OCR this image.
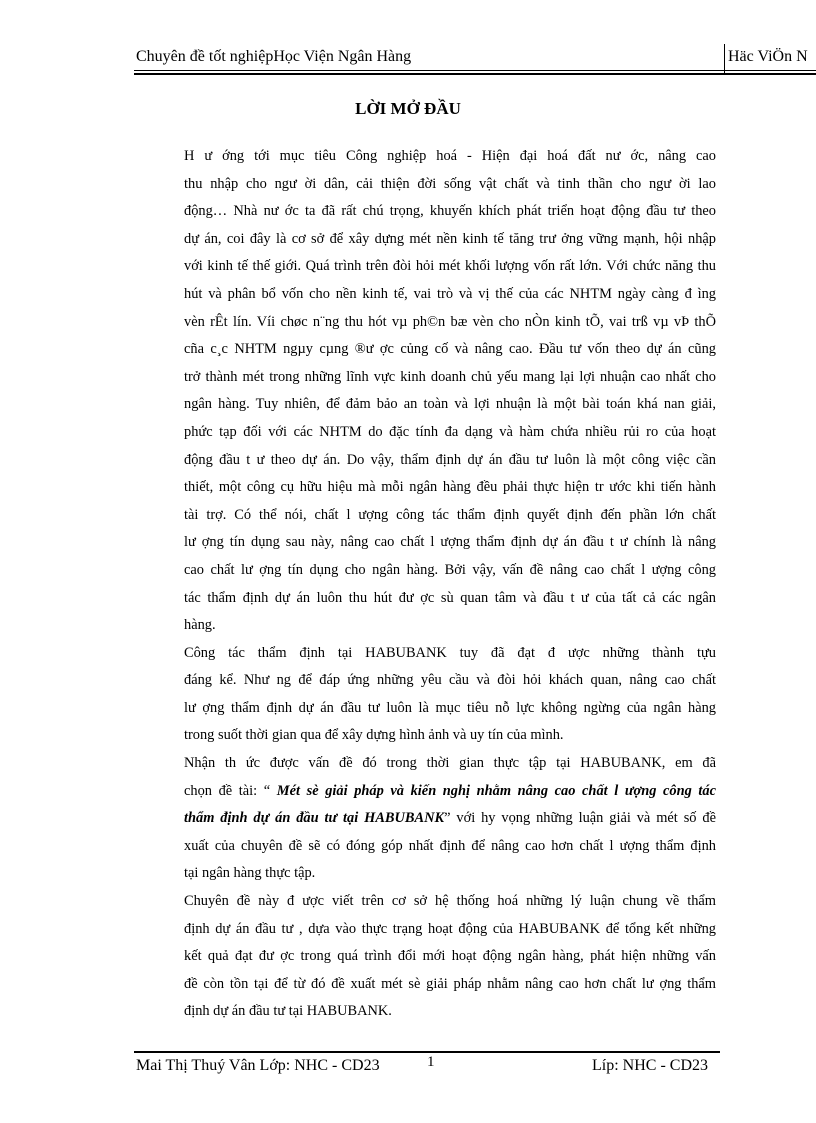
Chuyên đề tốt nghiệpHọc Viện Ngân Hàng	Häc ViÖn N
LỜI MỞ ĐẦU

H ư ớng tới mục tiêu Công nghiệp hoá - Hiện đại hoá đất nư ớc, nâng cao
thu nhập cho ngư ời dân, cải thiện đời sống vật chất và tinh thần cho ngư ời lao
động… Nhà nư ớc ta đã rất chú trọng, khuyến khích phát triển hoạt động đầu tư theo
dự án, coi đây là cơ sở để xây dựng mét nền kinh tế tăng trư ởng vững mạnh, hội nhập
với kinh tế thế giới. Quá trình trên đòi hỏi mét khối lượng vốn rất lớn. Với chức năng thu
hút và phân bổ vốn cho nền kinh tế, vai trò và vị thế của các NHTM ngày càng đ ìng
vèn rÊt lín. Víi chøc n¨ng thu hót vµ ph©n bæ vèn cho nÒn kinh tÕ, vai trß vµ vÞ thÕ
cña c¸c NHTM ngµy cµng ®ư ợc củng cố và nâng cao. Đầu tư vốn theo dự án cũng
trở thành mét trong những lĩnh vực kinh doanh chủ yếu mang lại lợi nhuận cao nhất cho
ngân hàng. Tuy nhiên, để đảm bảo an toàn và lợi nhuận là một bài toán khá nan giải,
phức tạp đối với các NHTM do đặc tính đa dạng và hàm chứa nhiều rủi ro của hoạt
động đầu t ư theo dự án. Do vậy, thẩm định dự án đầu tư luôn là một công việc cần
thiết, một công cụ hữu hiệu mà mỗi ngân hàng đều phải thực hiện tr ước khi tiến hành
tài trợ. Có thể nói, chất l ượng công tác thẩm định quyết định đến phần lớn chất
lư ợng tín dụng sau này, nâng cao chất l ượng thẩm định dự án đầu t ư chính là nâng
cao chất lư ợng tín dụng cho ngân hàng. Bởi vậy, vấn đề nâng cao chất l ượng công
tác thẩm định dự án luôn thu hút đư ợc sù quan tâm và đầu t ư của tất cả các ngân
hàng.

Công tác thẩm định tại HABUBANK tuy đã đạt đ ược những thành tựu
đáng kể. Như ng để đáp ứng những yêu cầu và đòi hỏi khách quan, nâng cao chất
lư ợng thẩm định dự án đầu tư luôn là mục tiêu nỗ lực không ngừng của ngân hàng
trong suốt thời gian qua để xây dựng hình ảnh và uy tín của mình.

Nhận th ức được vấn đề đó trong thời gian thực tập tại HABUBANK, em đã
chọn đề tài: “ Mét sè giải pháp và kiến nghị nhằm nâng cao chất l ượng công tác
thẩm định dự án đầu tư tại HABUBANK” với hy vọng những luận giải và mét số đề
xuất của chuyên đề sẽ có đóng góp nhất định để nâng cao hơn chất l ượng thẩm định
tại ngân hàng thực tập.

Chuyên đề này đ ược viết trên cơ sở hệ thống hoá những lý luận chung về thẩm
định dự án đầu tư , dựa vào thực trạng hoạt động của HABUBANK để tổng kết những
kết quả đạt đư ợc trong quá trình đổi mới hoạt động ngân hàng, phát hiện những vấn
đề còn tồn tại để từ đó đề xuất mét sè giải pháp nhằm nâng cao hơn chất lư ợng thẩm
định dự án đầu tư tại HABUBANK.

Mai Thị Thuý Vân Lớp: NHC - CD23	1	Líp: NHC - CD23
